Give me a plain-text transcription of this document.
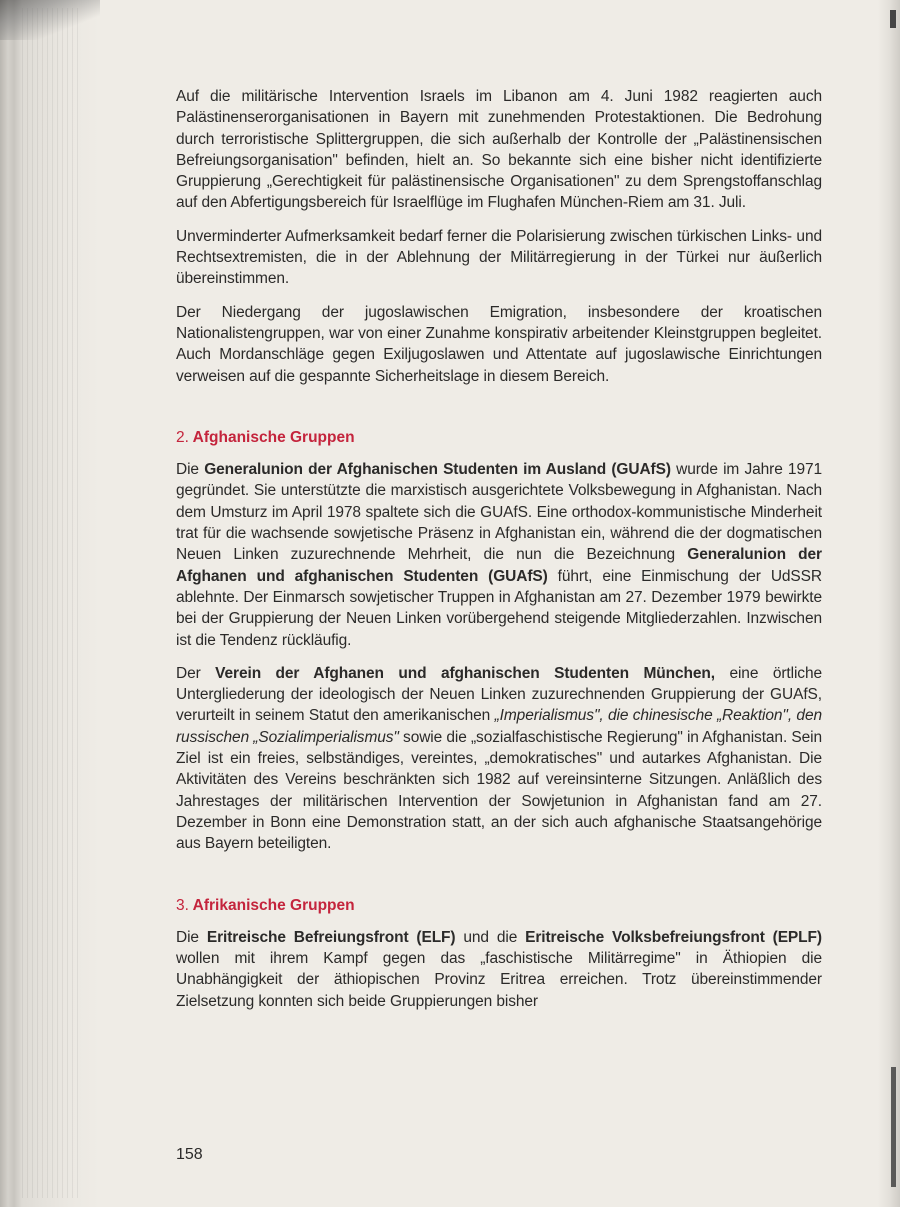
Auf die militärische Intervention Israels im Libanon am 4. Juni 1982 reagierten auch Palästinenserorganisationen in Bayern mit zunehmenden Protestaktionen. Die Bedrohung durch terroristische Splittergruppen, die sich außerhalb der Kontrolle der „Palästinensischen Befreiungsorganisation" befinden, hielt an. So bekannte sich eine bisher nicht identifizierte Gruppierung „Gerechtigkeit für palästinensische Organisationen" zu dem Sprengstoffanschlag auf den Abfertigungsbereich für Israelflüge im Flughafen München-Riem am 31. Juli.

Unverminderter Aufmerksamkeit bedarf ferner die Polarisierung zwischen türkischen Links- und Rechtsextremisten, die in der Ablehnung der Militärregierung in der Türkei nur äußerlich übereinstimmen.

Der Niedergang der jugoslawischen Emigration, insbesondere der kroatischen Nationalistengruppen, war von einer Zunahme konspirativ arbeitender Kleinstgruppen begleitet. Auch Mordanschläge gegen Exiljugoslawen und Attentate auf jugoslawische Einrichtungen verweisen auf die gespannte Sicherheitslage in diesem Bereich.

2. Afghanische Gruppen

Die Generalunion der Afghanischen Studenten im Ausland (GUAfS) wurde im Jahre 1971 gegründet. Sie unterstützte die marxistisch ausgerichtete Volksbewegung in Afghanistan. Nach dem Umsturz im April 1978 spaltete sich die GUAfS. Eine orthodox-kommunistische Minderheit trat für die wachsende sowjetische Präsenz in Afghanistan ein, während die der dogmatischen Neuen Linken zuzurechnende Mehrheit, die nun die Bezeichnung Generalunion der Afghanen und afghanischen Studenten (GUAfS) führt, eine Einmischung der UdSSR ablehnte. Der Einmarsch sowjetischer Truppen in Afghanistan am 27. Dezember 1979 bewirkte bei der Gruppierung der Neuen Linken vorübergehend steigende Mitgliederzahlen. Inzwischen ist die Tendenz rückläufig.

Der Verein der Afghanen und afghanischen Studenten München, eine örtliche Untergliederung der ideologisch der Neuen Linken zuzurechnenden Gruppierung der GUAfS, verurteilt in seinem Statut den amerikanischen „Imperialismus", die chinesische „Reaktion", den russischen „Sozialimperialismus" sowie die „sozialfaschistische Regierung" in Afghanistan. Sein Ziel ist ein freies, selbständiges, vereintes, „demokratisches" und autarkes Afghanistan. Die Aktivitäten des Vereins beschränkten sich 1982 auf vereinsinterne Sitzungen. Anläßlich des Jahrestages der militärischen Intervention der Sowjetunion in Afghanistan fand am 27. Dezember in Bonn eine Demonstration statt, an der sich auch afghanische Staatsangehörige aus Bayern beteiligten.

3. Afrikanische Gruppen

Die Eritreische Befreiungsfront (ELF) und die Eritreische Volksbefreiungsfront (EPLF) wollen mit ihrem Kampf gegen das „faschistische Militärregime" in Äthiopien die Unabhängigkeit der äthiopischen Provinz Eritrea erreichen. Trotz übereinstimmender Zielsetzung konnten sich beide Gruppierungen bisher

158
